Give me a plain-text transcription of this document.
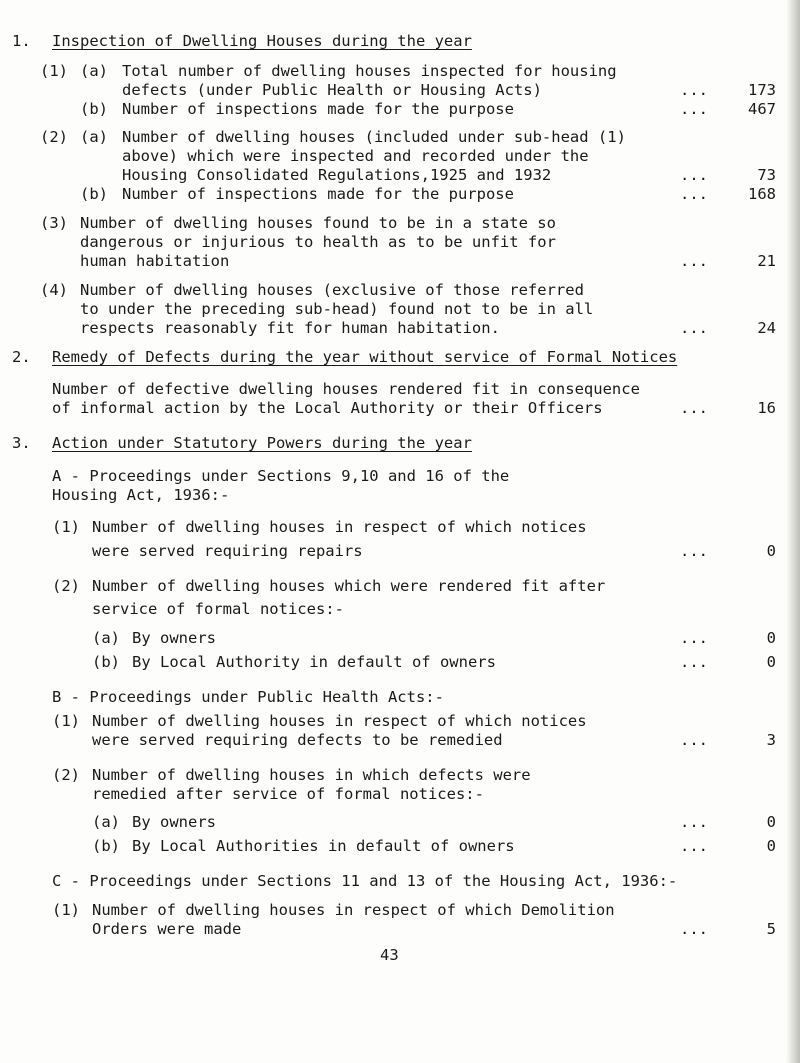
1. Inspection of Dwelling Houses during the year
(1) (a) Total number of dwelling houses inspected for housing
defects (under Public Health or Housing Acts)	...	173
(b) Number of inspections made for the purpose	...	467
(2) (a) Number of dwelling houses (included under sub-head (1)
above) which were inspected and recorded under the
Housing Consolidated Regulations,1925 and 1932	...	73
(b) Number of inspections made for the purpose	...	168
(3) Number of dwelling houses found to be in a state so
dangerous or injurious to health as to be unfit for
human habitation	...	21
(4) Number of dwelling houses (exclusive of those referred
to under the preceding sub-head) found not to be in all
respects reasonably fit for human habitation.	...	24
2. Remedy of Defects during the year without service of Formal Notices
Number of defective dwelling houses rendered fit in consequence
of informal action by the Local Authority or their Officers	...	16
3. Action under Statutory Powers during the year
A - Proceedings under Sections 9,10 and 16 of the
Housing Act, 1936:-
(1) Number of dwelling houses in respect of which notices
were served requiring repairs	...	0
(2) Number of dwelling houses which were rendered fit after
service of formal notices:-
(a) By owners	...	0
(b) By Local Authority in default of owners	...	0
B - Proceedings under Public Health Acts:-
(1) Number of dwelling houses in respect of which notices
were served requiring defects to be remedied	...	3
(2) Number of dwelling houses in which defects were
remedied after service of formal notices:-
(a) By owners	...	0
(b) By Local Authorities in default of owners	...	0
C - Proceedings under Sections 11 and 13 of the Housing Act, 1936:-
(1) Number of dwelling houses in respect of which Demolition
Orders were made	...	5
43
